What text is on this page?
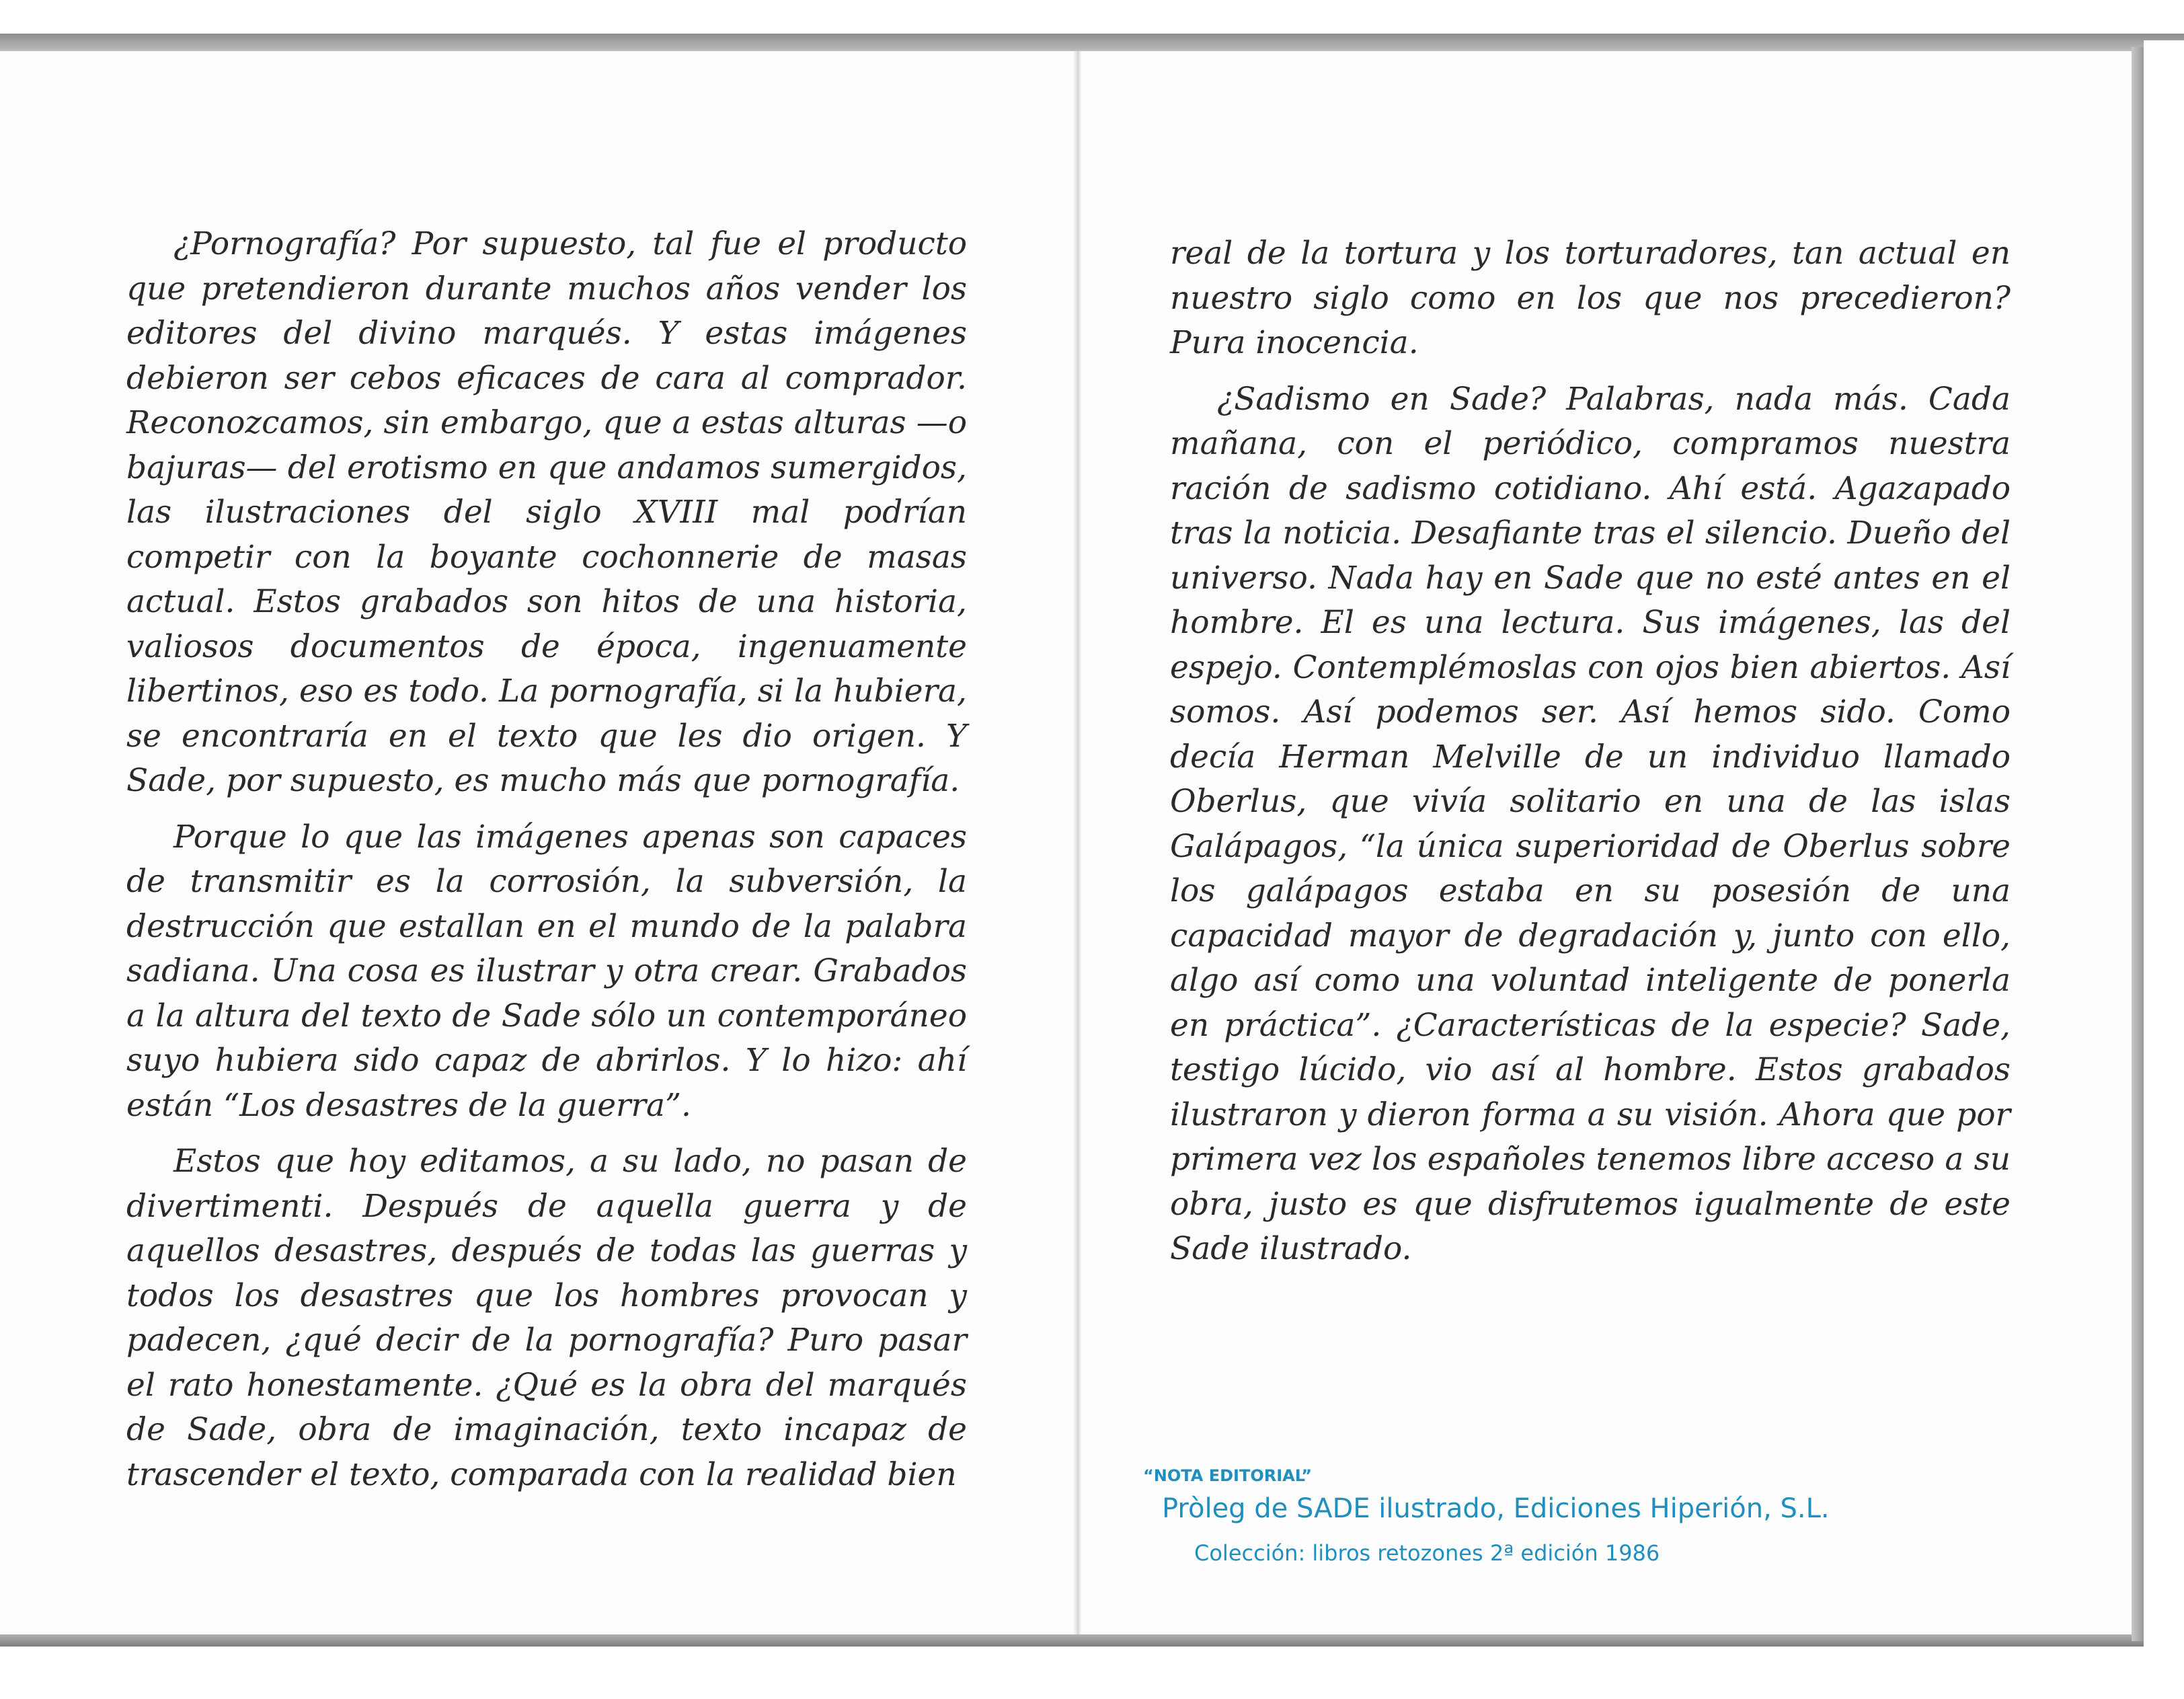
¿Pornografía? Por supuesto, tal fue el producto que pretendieron durante muchos años vender los editores del divino marqués. Y estas imágenes debieron ser cebos eficaces de cara al comprador. Reconozcamos, sin embargo, que a estas alturas —o bajuras— del erotismo en que andamos sumergidos, las ilustraciones del siglo XVIII mal podrían competir con la boyante cochonnerie de masas actual. Estos grabados son hitos de una historia, valiosos documentos de época, ingenuamente libertinos, eso es todo. La pornografía, si la hubiera, se encontraría en el texto que les dio origen. Y Sade, por supuesto, es mucho más que pornografía.

Porque lo que las imágenes apenas son capaces de transmitir es la corrosión, la subversión, la destrucción que estallan en el mundo de la palabra sadiana. Una cosa es ilustrar y otra crear. Grabados a la altura del texto de Sade sólo un contemporáneo suyo hubiera sido capaz de abrirlos. Y lo hizo: ahí están “Los desastres de la guerra”.

Estos que hoy editamos, a su lado, no pasan de divertimenti. Después de aquella guerra y de aquellos desastres, después de todas las guerras y todos los desastres que los hombres provocan y padecen, ¿qué decir de la pornografía? Puro pasar el rato honestamente. ¿Qué es la obra del marqués de Sade, obra de imaginación, texto incapaz de trascender el texto, comparada con la realidad bien

real de la tortura y los torturadores, tan actual en nuestro siglo como en los que nos precedieron? Pura inocencia.

¿Sadismo en Sade? Palabras, nada más. Cada mañana, con el periódico, compramos nuestra ración de sadismo cotidiano. Ahí está. Agazapado tras la noticia. Desafiante tras el silencio. Dueño del universo. Nada hay en Sade que no esté antes en el hombre. El es una lectura. Sus imágenes, las del espejo. Contemplémoslas con ojos bien abiertos. Así somos. Así podemos ser. Así hemos sido. Como decía Herman Melville de un individuo llamado Oberlus, que vivía solitario en una de las islas Galápagos, “la única superioridad de Oberlus sobre los galápagos estaba en su posesión de una capacidad mayor de degradación y, junto con ello, algo así como una voluntad inteligente de ponerla en práctica”. ¿Características de la especie? Sade, testigo lúcido, vio así al hombre. Estos grabados ilustraron y dieron forma a su visión. Ahora que por primera vez los españoles tenemos libre acceso a su obra, justo es que disfrutemos igualmente de este Sade ilustrado.

“NOTA EDITORIAL”
Pròleg de SADE ilustrado, Ediciones Hiperión, S.L.
Colección: libros retozones 2ª edición 1986
